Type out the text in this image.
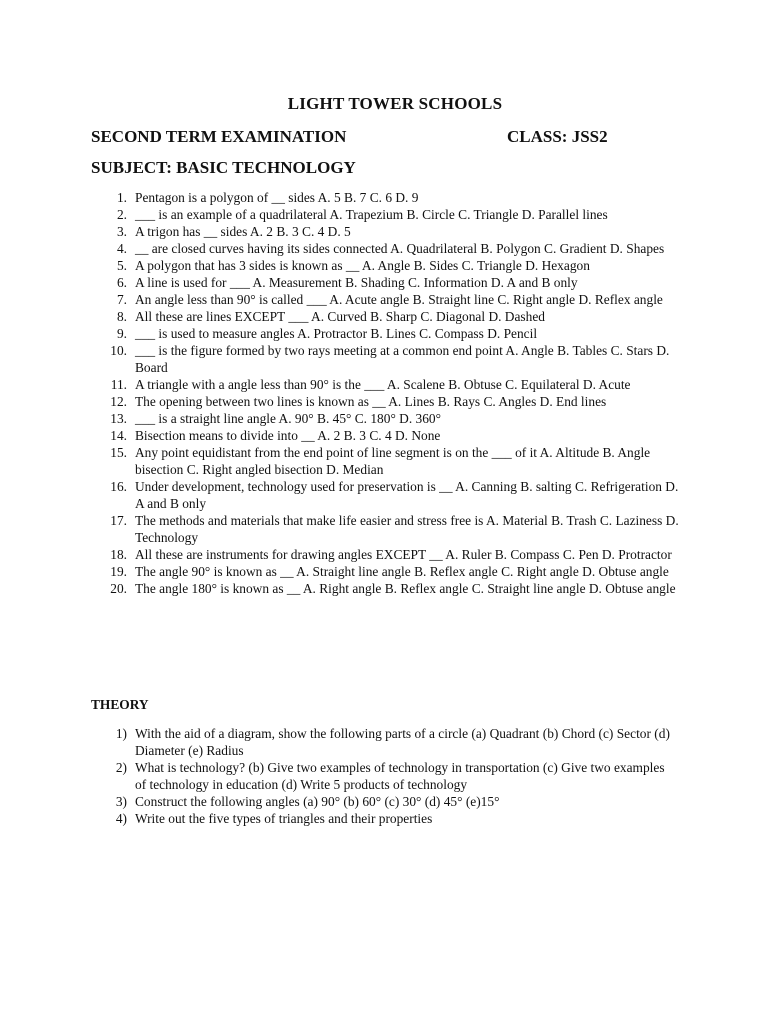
LIGHT TOWER SCHOOLS
SECOND TERM EXAMINATION	CLASS: JSS2
SUBJECT: BASIC TECHNOLOGY
1. Pentagon is a polygon of __ sides A. 5 B. 7 C. 6 D. 9
2. ___ is an example of a quadrilateral A. Trapezium B. Circle C. Triangle D. Parallel lines
3. A trigon has __ sides A. 2 B. 3 C. 4 D. 5
4. __ are closed curves having its sides connected A. Quadrilateral B. Polygon C. Gradient D. Shapes
5. A polygon that has 3 sides is known as __ A. Angle B. Sides C. Triangle D. Hexagon
6. A line is used for ___ A. Measurement B. Shading C. Information D. A and B only
7. An angle less than 90° is called ___ A. Acute angle B. Straight line C. Right angle D. Reflex angle
8. All these are lines EXCEPT ___ A. Curved B. Sharp C. Diagonal D. Dashed
9. ___ is used to measure angles A. Protractor B. Lines C. Compass D. Pencil
10. ___ is the figure formed by two rays meeting at a common end point A. Angle B. Tables C. Stars D. Board
11. A triangle with a angle less than 90° is the ___ A. Scalene B. Obtuse C. Equilateral D. Acute
12. The opening between two lines is known as __ A. Lines B. Rays C. Angles D. End lines
13. ___ is a straight line angle A. 90° B. 45° C. 180° D. 360°
14. Bisection means to divide into __ A. 2 B. 3 C. 4 D. None
15. Any point equidistant from the end point of line segment is on the ___ of it A. Altitude B. Angle bisection C. Right angled bisection D. Median
16. Under development, technology used for preservation is __ A. Canning B. salting C. Refrigeration D. A and B only
17. The methods and materials that make life easier and stress free is A. Material B. Trash C. Laziness D. Technology
18. All these are instruments for drawing angles EXCEPT __ A. Ruler B. Compass C. Pen D. Protractor
19. The angle 90° is known as __ A. Straight line angle B. Reflex angle C. Right angle D. Obtuse angle
20. The angle 180° is known as __ A. Right angle B. Reflex angle C. Straight line angle D. Obtuse angle
THEORY
1) With the aid of a diagram, show the following parts of a circle (a) Quadrant (b) Chord (c) Sector (d) Diameter (e) Radius
2) What is technology? (b) Give two examples of technology in transportation (c) Give two examples of technology in education (d) Write 5 products of technology
3) Construct the following angles (a) 90° (b) 60° (c) 30° (d) 45° (e)15°
4) Write out the five types of triangles and their properties
